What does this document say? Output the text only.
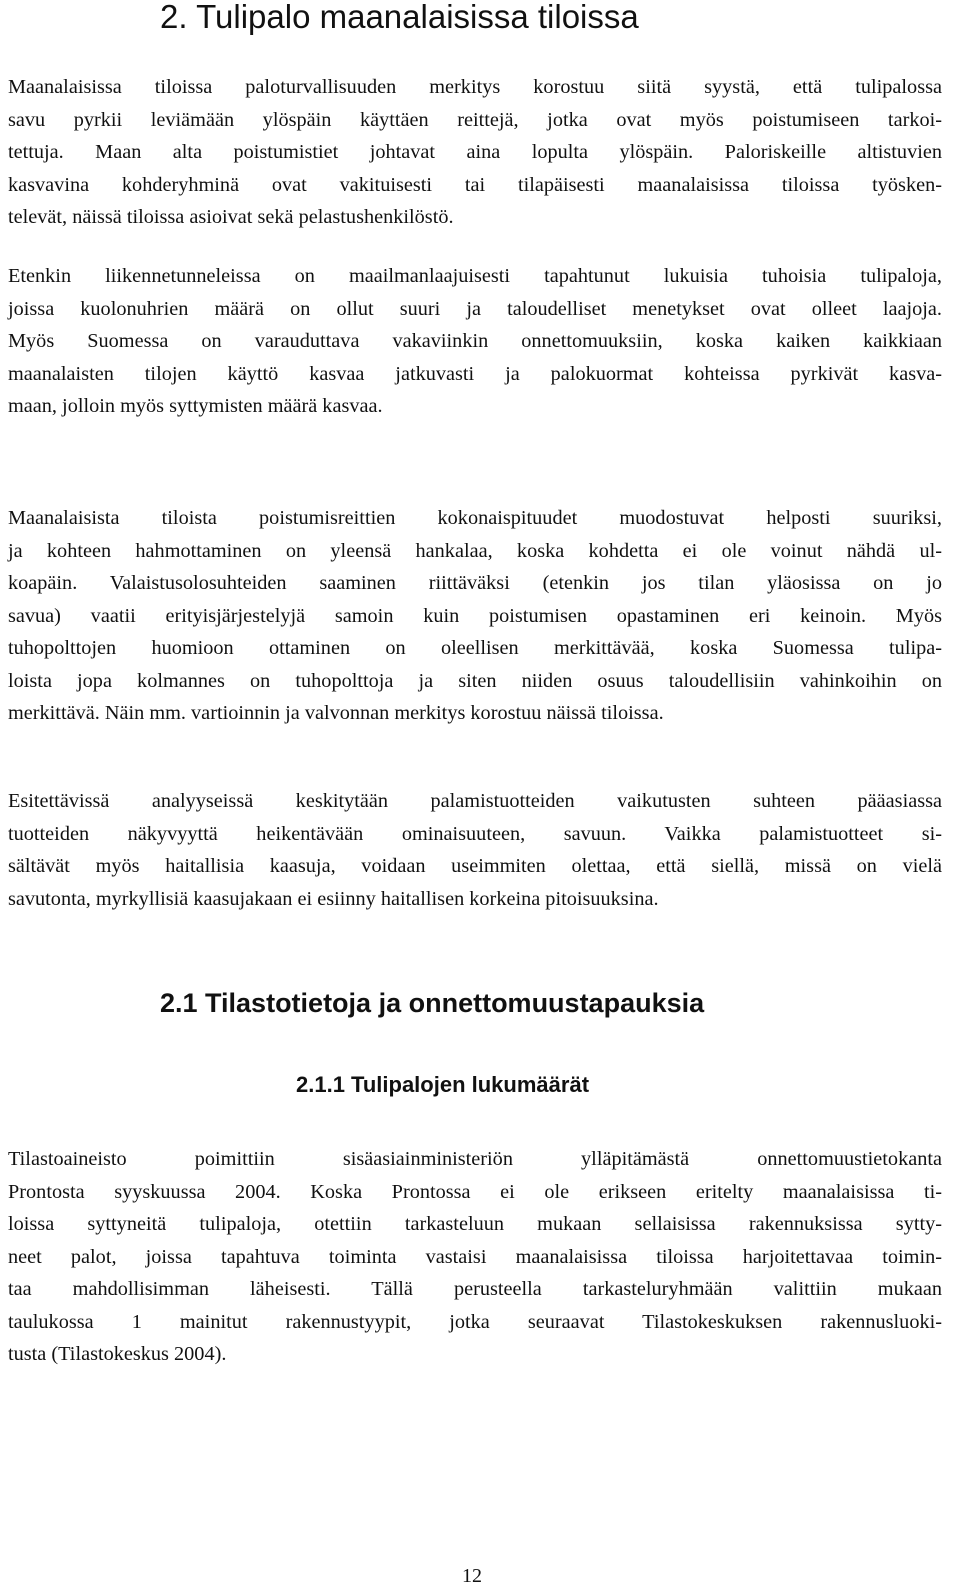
2. Tulipalo maanalaisissa tiloissa
Maanalaisissa tiloissa paloturvallisuuden merkitys korostuu siitä syystä, että tulipalossa
savu pyrkii leviämään ylöspäin käyttäen reittejä, jotka ovat myös poistumiseen tarkoi-
tettuja. Maan alta poistumistiet johtavat aina lopulta ylöspäin. Paloriskeille altistuvien
kasvavina kohderyhminä ovat vakituisesti tai tilapäisesti maanalaisissa tiloissa työsken-
televät, näissä tiloissa asioivat sekä pelastushenkilöstö.
Etenkin liikennetunneleissa on maailmanlaajuisesti tapahtunut lukuisia tuhoisia tulipaloja,
joissa kuolonuhrien määrä on ollut suuri ja taloudelliset menetykset ovat olleet laajoja.
Myös Suomessa on varauduttava vakaviinkin onnettomuuksiin, koska kaiken kaikkiaan
maanalaisten tilojen käyttö kasvaa jatkuvasti ja palokuormat kohteissa pyrkivät kasva-
maan, jolloin myös syttymisten määrä kasvaa.
Maanalaisista tiloista poistumisreittien kokonaispituudet muodostuvat helposti suuriksi,
ja kohteen hahmottaminen on yleensä hankalaa, koska kohdetta ei ole voinut nähdä ul-
koapäin. Valaistusolosuhteiden saaminen riittäväksi (etenkin jos tilan yläosissa on jo
savua) vaatii erityisjärjestelyjä samoin kuin poistumisen opastaminen eri keinoin. Myös
tuhopolttojen huomioon ottaminen on oleellisen merkittävää, koska Suomessa tulipa-
loista jopa kolmannes on tuhopolttoja ja siten niiden osuus taloudellisiin vahinkoihin on
merkittävä. Näin mm. vartioinnin ja valvonnan merkitys korostuu näissä tiloissa.
Esitettävissä analyyseissä keskitytään palamistuotteiden vaikutusten suhteen pääasiassa
tuotteiden näkyvyyttä heikentävään ominaisuuteen, savuun. Vaikka palamistuotteet si-
sältävät myös haitallisia kaasuja, voidaan useimmiten olettaa, että siellä, missä on vielä
savutonta, myrkyllisiä kaasujakaan ei esiinny haitallisen korkeina pitoisuuksina.
2.1 Tilastotietoja ja onnettomuustapauksia
2.1.1 Tulipalojen lukumäärät
Tilastoaineisto poimittiin sisäasiainministeriön ylläpitämästä onnettomuustietokanta
Prontosta syyskuussa 2004. Koska Prontossa ei ole erikseen eritelty maanalaisissa ti-
loissa syttyneitä tulipaloja, otettiin tarkasteluun mukaan sellaisissa rakennuksissa sytty-
neet palot, joissa tapahtuva toiminta vastaisi maanalaisissa tiloissa harjoitettavaa toimin-
taa mahdollisimman läheisesti. Tällä perusteella tarkasteluryhmään valittiin mukaan
taulukossa 1 mainitut rakennustyypit, jotka seuraavat Tilastokeskuksen rakennusluoki-
tusta (Tilastokeskus 2004).
12
